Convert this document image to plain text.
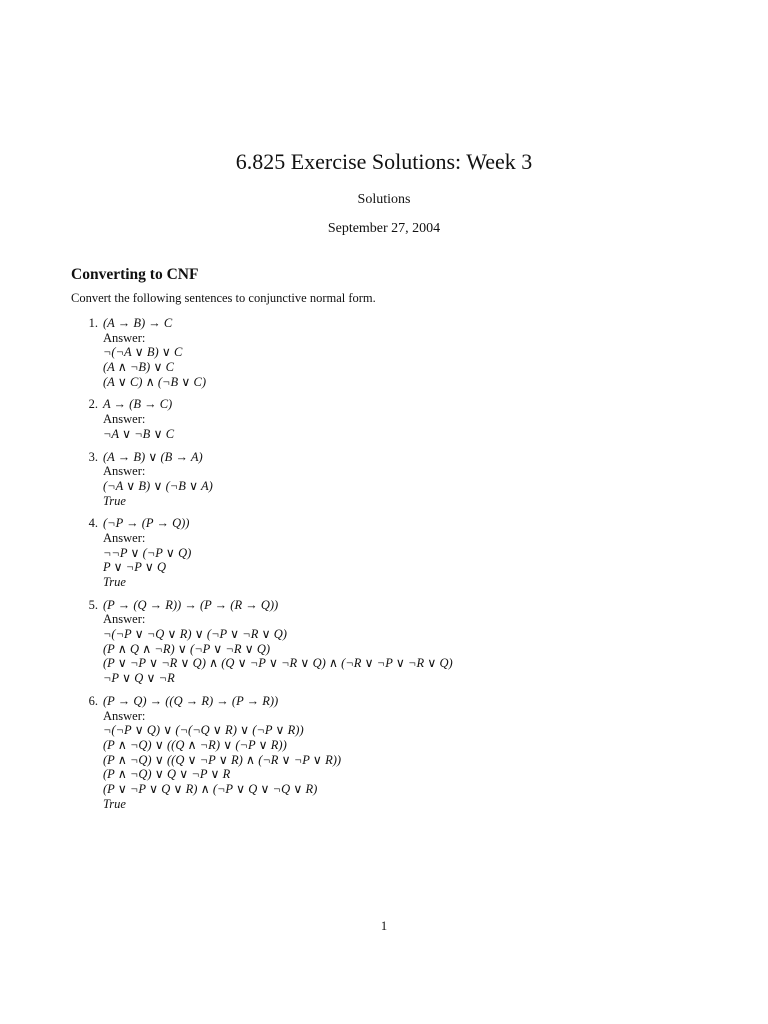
6.825 Exercise Solutions: Week 3
Solutions
September 27, 2004
Converting to CNF
Convert the following sentences to conjunctive normal form.
1. (A → B) → C
Answer:
¬(¬A ∨ B) ∨ C
(A ∧ ¬B) ∨ C
(A ∨ C) ∧ (¬B ∨ C)
2. A → (B → C)
Answer:
¬A ∨ ¬B ∨ C
3. (A → B) ∨ (B → A)
Answer:
(¬A ∨ B) ∨ (¬B ∨ A)
True
4. (¬P → (P → Q))
Answer:
¬¬P ∨ (¬P ∨ Q)
P ∨ ¬P ∨ Q
True
5. (P → (Q → R)) → (P → (R → Q))
Answer:
¬(¬P ∨ ¬Q ∨ R) ∨ (¬P ∨ ¬R ∨ Q)
(P ∧ Q ∧ ¬R) ∨ (¬P ∨ ¬R ∨ Q)
(P ∨ ¬P ∨ ¬R ∨ Q) ∧ (Q ∨ ¬P ∨ ¬R ∨ Q) ∧ (¬R ∨ ¬P ∨ ¬R ∨ Q)
¬P ∨ Q ∨ ¬R
6. (P → Q) → ((Q → R) → (P → R))
Answer:
¬(¬P ∨ Q) ∨ (¬(¬Q ∨ R) ∨ (¬P ∨ R))
(P ∧ ¬Q) ∨ ((Q ∧ ¬R) ∨ (¬P ∨ R))
(P ∧ ¬Q) ∨ ((Q ∨ ¬P ∨ R) ∧ (¬R ∨ ¬P ∨ R))
(P ∧ ¬Q) ∨ Q ∨ ¬P ∨ R
(P ∨ ¬P ∨ Q ∨ R) ∧ (¬P ∨ Q ∨ ¬Q ∨ R)
True
1
